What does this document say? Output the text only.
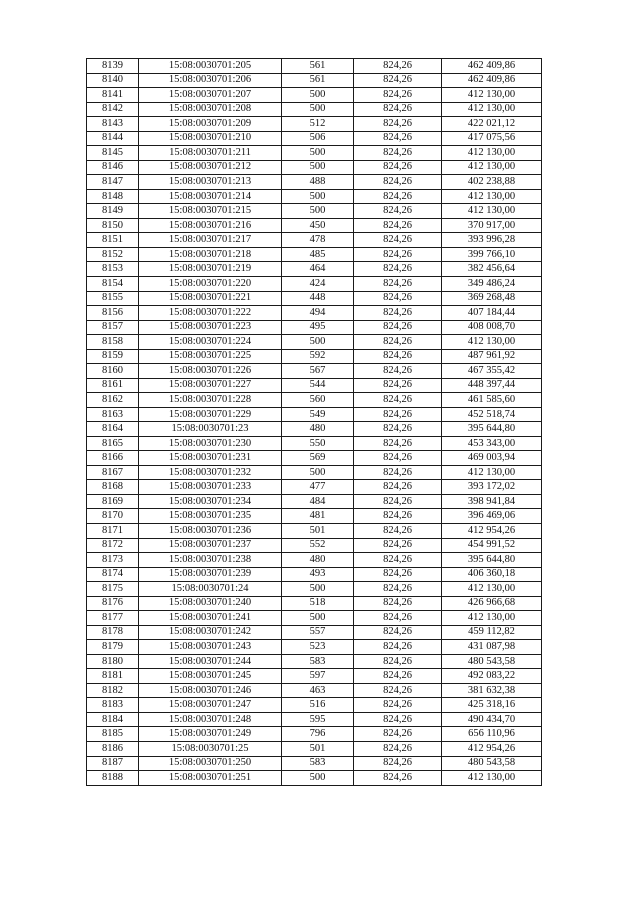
8139	15:08:0030701:205	561	824,26	462 409,86
8140	15:08:0030701:206	561	824,26	462 409,86
8141	15:08:0030701:207	500	824,26	412 130,00
8142	15:08:0030701:208	500	824,26	412 130,00
8143	15:08:0030701:209	512	824,26	422 021,12
8144	15:08:0030701:210	506	824,26	417 075,56
8145	15:08:0030701:211	500	824,26	412 130,00
8146	15:08:0030701:212	500	824,26	412 130,00
8147	15:08:0030701:213	488	824,26	402 238,88
8148	15:08:0030701:214	500	824,26	412 130,00
8149	15:08:0030701:215	500	824,26	412 130,00
8150	15:08:0030701:216	450	824,26	370 917,00
8151	15:08:0030701:217	478	824,26	393 996,28
8152	15:08:0030701:218	485	824,26	399 766,10
8153	15:08:0030701:219	464	824,26	382 456,64
8154	15:08:0030701:220	424	824,26	349 486,24
8155	15:08:0030701:221	448	824,26	369 268,48
8156	15:08:0030701:222	494	824,26	407 184,44
8157	15:08:0030701:223	495	824,26	408 008,70
8158	15:08:0030701:224	500	824,26	412 130,00
8159	15:08:0030701:225	592	824,26	487 961,92
8160	15:08:0030701:226	567	824,26	467 355,42
8161	15:08:0030701:227	544	824,26	448 397,44
8162	15:08:0030701:228	560	824,26	461 585,60
8163	15:08:0030701:229	549	824,26	452 518,74
8164	15:08:0030701:23	480	824,26	395 644,80
8165	15:08:0030701:230	550	824,26	453 343,00
8166	15:08:0030701:231	569	824,26	469 003,94
8167	15:08:0030701:232	500	824,26	412 130,00
8168	15:08:0030701:233	477	824,26	393 172,02
8169	15:08:0030701:234	484	824,26	398 941,84
8170	15:08:0030701:235	481	824,26	396 469,06
8171	15:08:0030701:236	501	824,26	412 954,26
8172	15:08:0030701:237	552	824,26	454 991,52
8173	15:08:0030701:238	480	824,26	395 644,80
8174	15:08:0030701:239	493	824,26	406 360,18
8175	15:08:0030701:24	500	824,26	412 130,00
8176	15:08:0030701:240	518	824,26	426 966,68
8177	15:08:0030701:241	500	824,26	412 130,00
8178	15:08:0030701:242	557	824,26	459 112,82
8179	15:08:0030701:243	523	824,26	431 087,98
8180	15:08:0030701:244	583	824,26	480 543,58
8181	15:08:0030701:245	597	824,26	492 083,22
8182	15:08:0030701:246	463	824,26	381 632,38
8183	15:08:0030701:247	516	824,26	425 318,16
8184	15:08:0030701:248	595	824,26	490 434,70
8185	15:08:0030701:249	796	824,26	656 110,96
8186	15:08:0030701:25	501	824,26	412 954,26
8187	15:08:0030701:250	583	824,26	480 543,58
8188	15:08:0030701:251	500	824,26	412 130,00
